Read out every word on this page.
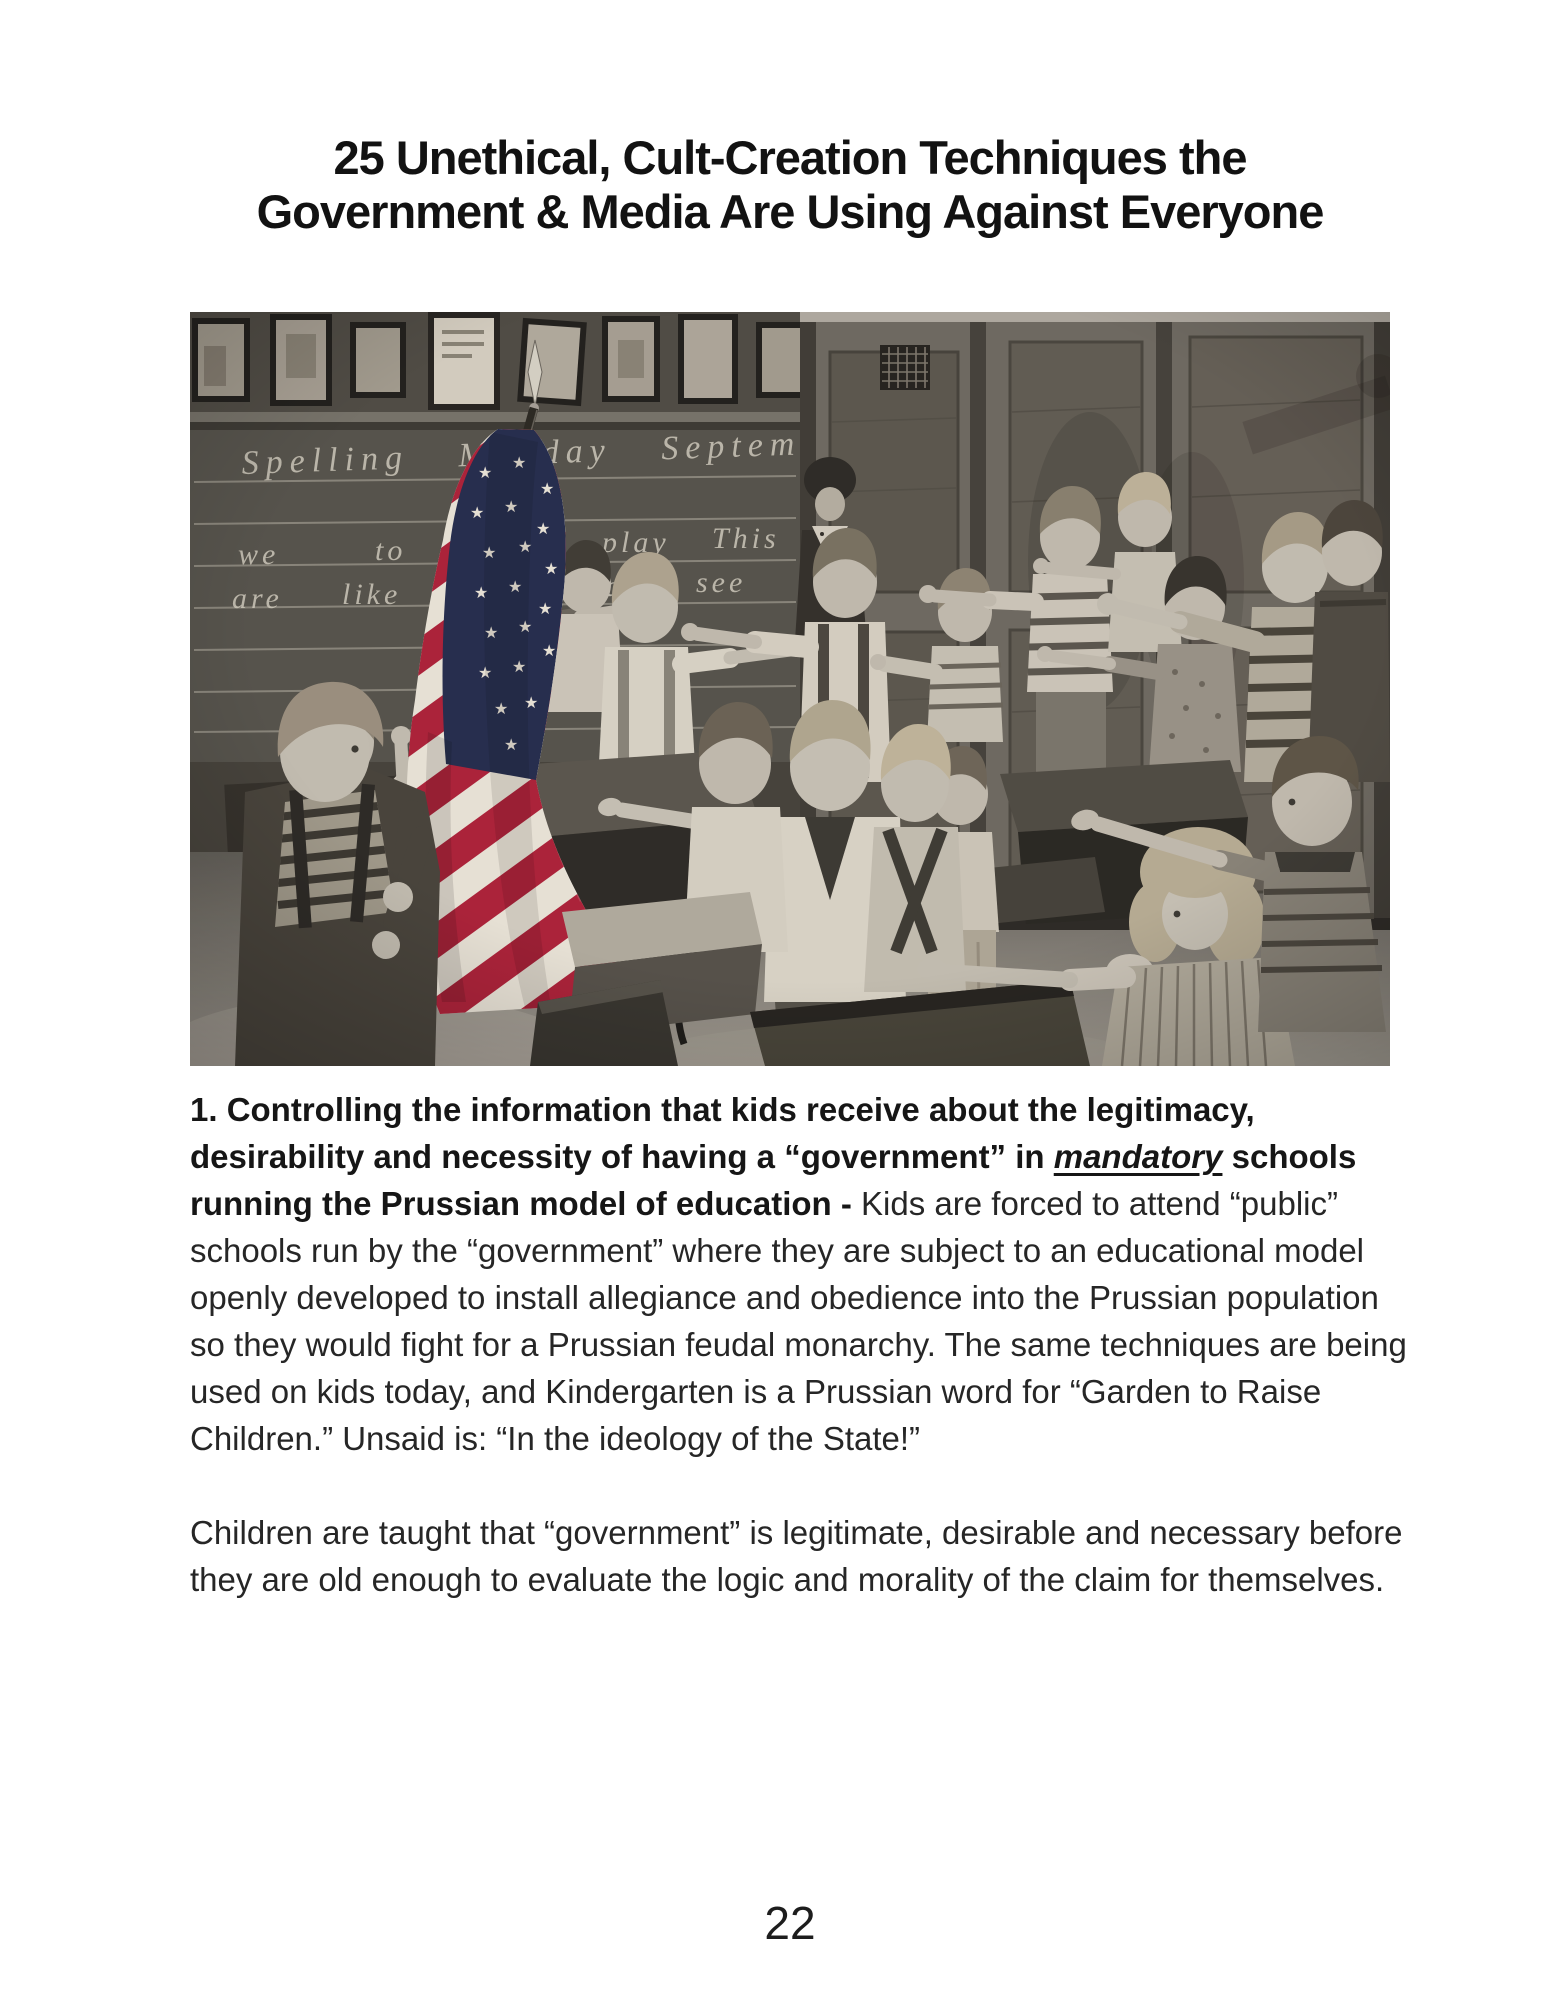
25 Unethical, Cult-Creation Techniques the
Government & Media Are Using Against Everyone

1. Controlling the information that kids receive about the legitimacy, desirability and necessity of having a “government” in mandatory schools running the Prussian model of education - Kids are forced to attend “public” schools run by the “government” where they are subject to an educational model openly developed to install allegiance and obedience into the Prussian population so they would fight for a Prussian feudal monarchy. The same techniques are being used on kids today, and Kindergarten is a Prussian word for “Garden to Raise Children.” Unsaid is: “In the ideology of the State!”

Children are taught that “government” is legitimate, desirable and necessary before they are old enough to evaluate the logic and morality of the claim for themselves.

22
